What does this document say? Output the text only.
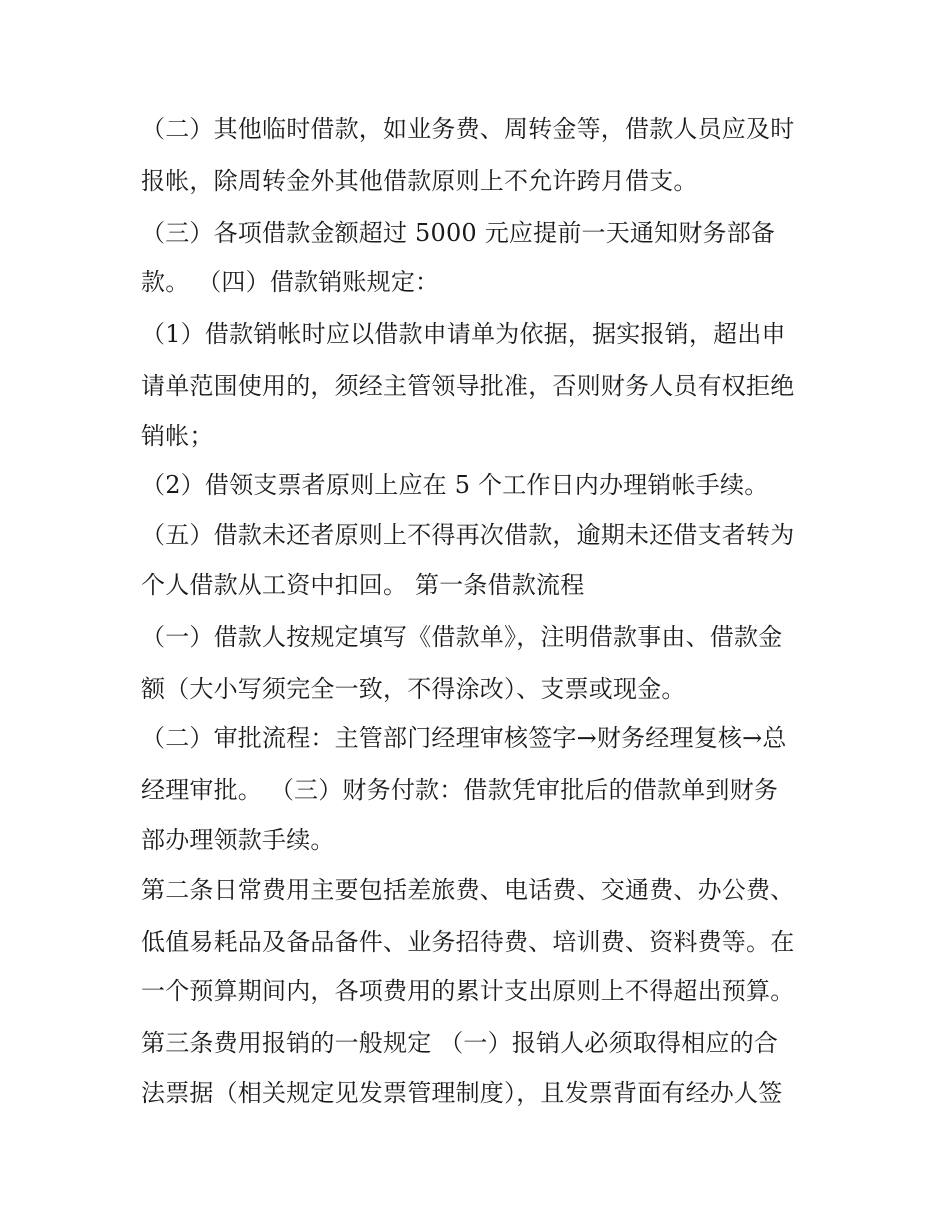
（二）其他临时借款，如业务费、周转金等，借款人员应及时
报帐，除周转金外其他借款原则上不允许跨月借支。
（三）各项借款金额超过 5000 元应提前一天通知财务部备
款。 （四）借款销账规定：
（1）借款销帐时应以借款申请单为依据，据实报销，超出申
请单范围使用的，须经主管领导批准，否则财务人员有权拒绝
销帐；
（2）借领支票者原则上应在 5 个工作日内办理销帐手续。
（五）借款未还者原则上不得再次借款，逾期未还借支者转为
个人借款从工资中扣回。 第一条借款流程
（一）借款人按规定填写《借款单》，注明借款事由、借款金
额（大小写须完全一致，不得涂改）、支票或现金。
（二）审批流程：主管部门经理审核签字→财务经理复核→总
经理审批。 （三）财务付款：借款凭审批后的借款单到财务
部办理领款手续。
第二条日常费用主要包括差旅费、电话费、交通费、办公费、
低值易耗品及备品备件、业务招待费、培训费、资料费等。在
一个预算期间内，各项费用的累计支出原则上不得超出预算。
第三条费用报销的一般规定 （一）报销人必须取得相应的合
法票据（相关规定见发票管理制度），且发票背面有经办人签
